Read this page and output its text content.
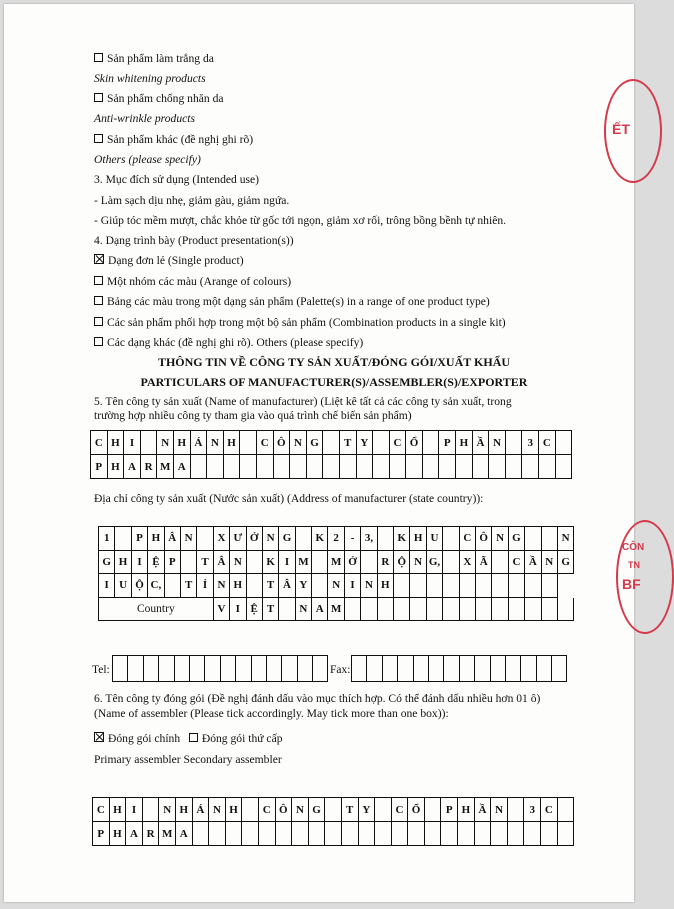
Sản phẩm làm trắng da
Skin whitening products
Sản phẩm chống nhăn da
Anti-wrinkle products
Sản phẩm khác (đề nghị ghi rõ)
Others (please specify)
3. Mục đích sử dụng (Intended use)
- Làm sạch dịu nhẹ, giảm gàu, giảm ngứa.
- Giúp tóc mềm mượt, chắc khỏe từ gốc tới ngọn, giảm xơ rối, trông bồng bềnh tự nhiên.
4. Dạng trình bày (Product presentation(s))
Dạng đơn lẻ (Single product)
Một nhóm các màu (Arange of colours)
Bảng các màu trong một dạng sản phẩm (Palette(s) in a range of one product type)
Các sản phẩm phối hợp trong một bộ sản phẩm (Combination products in a single kit)
Các dạng khác (đề nghị ghi rõ). Others (please specify)
THÔNG TIN VỀ CÔNG TY SẢN XUẤT/ĐÓNG GÓI/XUẤT KHẨU
PARTICULARS OF MANUFACTURER(S)/ASSEMBLER(S)/EXPORTER
5. Tên công ty sản xuất (Name of manufacturer) (Liệt kê tất cả các công ty sản xuất, trong
trường hợp nhiều công ty tham gia vào quá trình chế biến sản phẩm)
C H I	N H Á N H	C Ô N G	T Y	C Ổ	P H Ầ N	3 C
P H A R M A
Địa chỉ công ty sản xuất (Nước sản xuất) (Address of manufacturer (state country)):
1	P H Â N	X Ư Ở N G	K 2	- 3,	K H U	C Ô N G	N
G H I Ệ P	T Â N	K I M	M Ở	R Ộ N G,	X Ã	C Ầ N G
I U Ộ C,	T Ỉ N H	T Â Y	N I N H
Country	V I Ệ T	N A M
Tel:	Fax:
6. Tên công ty đóng gói (Đề nghị đánh dấu vào mục thích hợp. Có thể đánh dấu nhiều hơn 01 ô)
(Name of assembler (Please tick accordingly. May tick more than one box)):
Đóng gói chính Đóng gói thứ cấp
Primary assembler Secondary assembler
C H I	N H Á N H	C Ô N G	T Y	C Ổ	P H Ầ N	3 C
P H A R M A
ẾT
CÔN
TN
BF
